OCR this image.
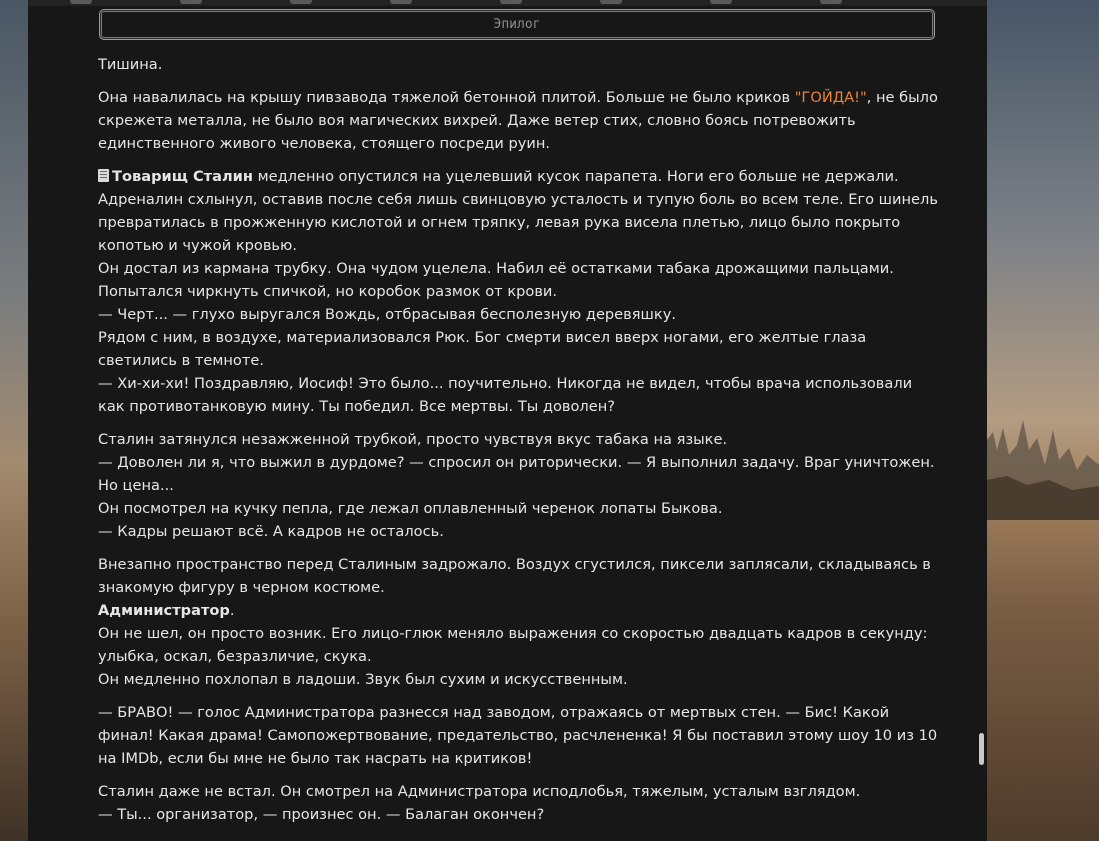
Эпилог

Тишина.

Она навалилась на крышу пивзавода тяжелой бетонной плитой. Больше не было криков "ГОЙДА!", не было скрежета металла, не было воя магических вихрей. Даже ветер стих, словно боясь потревожить единственного живого человека, стоящего посреди руин.

Товарищ Сталин медленно опустился на уцелевший кусок парапета. Ноги его больше не держали. Адреналин схлынул, оставив после себя лишь свинцовую усталость и тупую боль во всем теле. Его шинель превратилась в прожженную кислотой и огнем тряпку, левая рука висела плетью, лицо было покрыто копотью и чужой кровью.
Он достал из кармана трубку. Она чудом уцелела. Набил её остатками табака дрожащими пальцами. Попытался чиркнуть спичкой, но коробок размок от крови.
— Черт... — глухо выругался Вождь, отбрасывая бесполезную деревяшку.
Рядом с ним, в воздухе, материализовался Рюк. Бог смерти висел вверх ногами, его желтые глаза светились в темноте.
— Хи-хи-хи! Поздравляю, Иосиф! Это было... поучительно. Никогда не видел, чтобы врача использовали как противотанковую мину. Ты победил. Все мертвы. Ты доволен?

Сталин затянулся незажженной трубкой, просто чувствуя вкус табака на языке.
— Доволен ли я, что выжил в дурдоме? — спросил он риторически. — Я выполнил задачу. Враг уничтожен. Но цена...
Он посмотрел на кучку пепла, где лежал оплавленный черенок лопаты Быкова.
— Кадры решают всё. А кадров не осталось.

Внезапно пространство перед Сталиным задрожало. Воздух сгустился, пиксели заплясали, складываясь в знакомую фигуру в черном костюме.
Администратор.
Он не шел, он просто возник. Его лицо-глюк меняло выражения со скоростью двадцать кадров в секунду: улыбка, оскал, безразличие, скука.
Он медленно похлопал в ладоши. Звук был сухим и искусственным.

— БРАВО! — голос Администратора разнесся над заводом, отражаясь от мертвых стен. — Бис! Какой финал! Какая драма! Самопожертвование, предательство, расчлененка! Я бы поставил этому шоу 10 из 10 на IMDb, если бы мне не было так насрать на критиков!

Сталин даже не встал. Он смотрел на Администратора исподлобья, тяжелым, усталым взглядом.
— Ты... организатор, — произнес он. — Балаган окончен?
